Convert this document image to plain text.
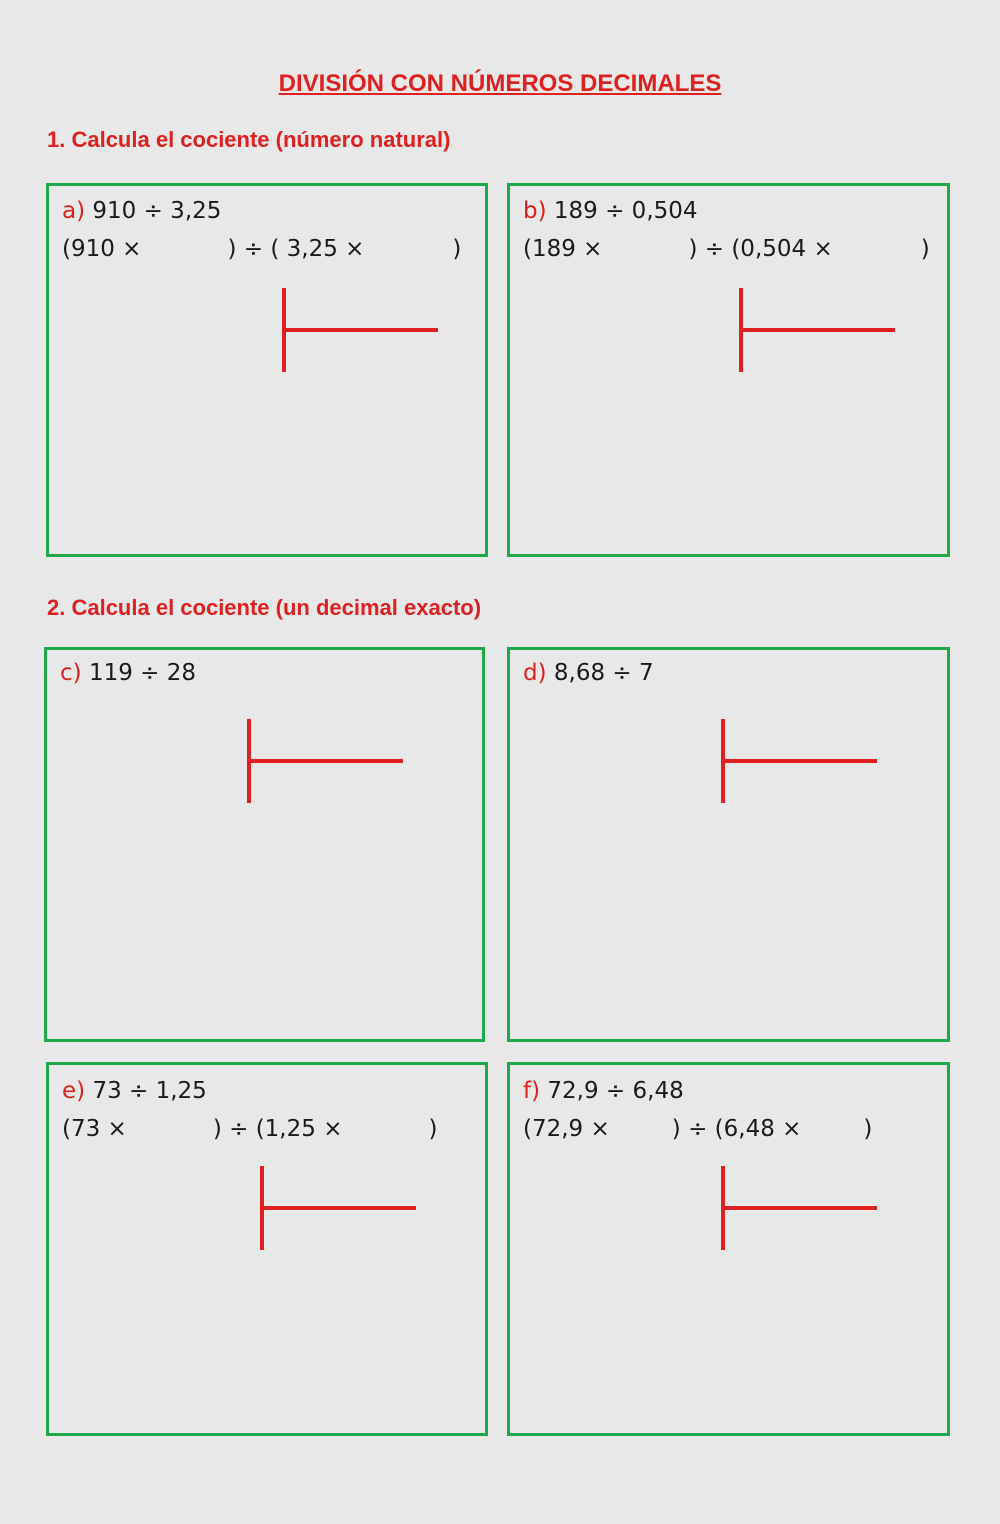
DIVISIÓN CON NÚMEROS DECIMALES
1. Calcula el cociente (número natural)
a) 910 ÷ 3,25
(910 ×	) ÷ ( 3,25 ×	)
b) 189 ÷ 0,504
(189 ×	) ÷ (0,504 ×	)
2. Calcula el cociente (un decimal exacto)
c) 119 ÷ 28	d) 8,68 ÷ 7
e) 73 ÷ 1,25
(73 ×	) ÷ (1,25 ×	)
f) 72,9 ÷ 6,48
(72,9 ×	) ÷ (6,48 ×	)
